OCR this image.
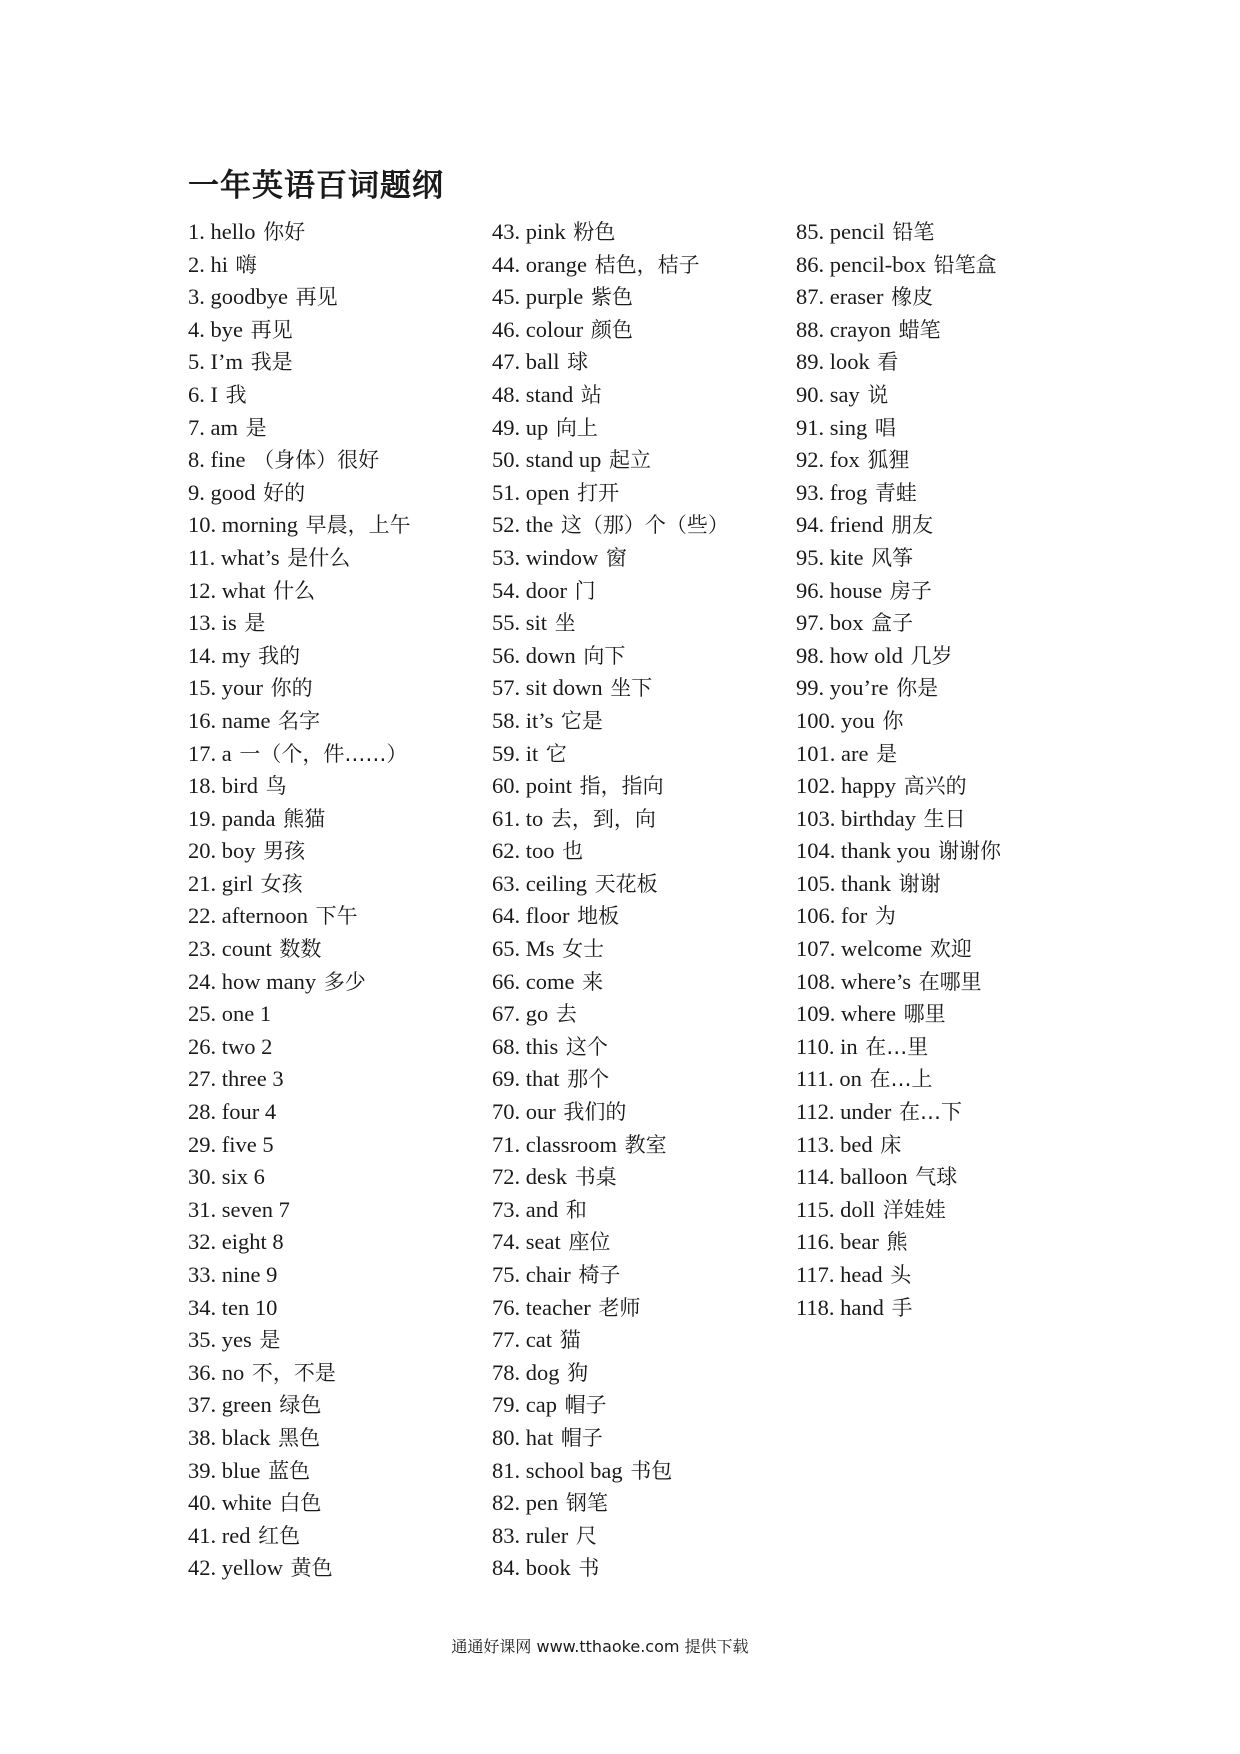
一年英语百词题纲
1. hello 你好
2. hi 嗨
3. goodbye 再见
4. bye 再见
5. I’m 我是
6. I 我
7. am 是
8. fine （身体）很好
9. good 好的
10. morning 早晨，上午
11. what’s 是什么
12. what 什么
13. is 是
14. my 我的
15. your 你的
16. name 名字
17. a 一（个，件……）
18. bird 鸟
19. panda 熊猫
20. boy 男孩
21. girl 女孩
22. afternoon 下午
23. count 数数
24. how many 多少
25. one 1
26. two 2
27. three 3
28. four 4
29. five 5
30. six 6
31. seven 7
32. eight 8
33. nine 9
34. ten 10
35. yes 是
36. no 不，不是
37. green 绿色
38. black 黑色
39. blue 蓝色
40. white 白色
41. red 红色
42. yellow 黄色
43. pink 粉色
44. orange 桔色，桔子
45. purple 紫色
46. colour 颜色
47. ball 球
48. stand 站
49. up 向上
50. stand up 起立
51. open 打开
52. the 这（那）个（些）
53. window 窗
54. door 门
55. sit 坐
56. down 向下
57. sit down 坐下
58. it’s 它是
59. it 它
60. point 指，指向
61. to 去，到，向
62. too 也
63. ceiling 天花板
64. floor 地板
65. Ms 女士
66. come 来
67. go 去
68. this 这个
69. that 那个
70. our 我们的
71. classroom 教室
72. desk 书桌
73. and 和
74. seat 座位
75. chair 椅子
76. teacher 老师
77. cat 猫
78. dog 狗
79. cap 帽子
80. hat 帽子
81. school bag 书包
82. pen 钢笔
83. ruler 尺
84. book 书
85. pencil 铅笔
86. pencil-box 铅笔盒
87. eraser 橡皮
88. crayon 蜡笔
89. look 看
90. say 说
91. sing 唱
92. fox 狐狸
93. frog 青蛙
94. friend 朋友
95. kite 风筝
96. house 房子
97. box 盒子
98. how old 几岁
99. you’re 你是
100. you 你
101. are 是
102. happy 高兴的
103. birthday 生日
104. thank you 谢谢你
105. thank 谢谢
106. for 为
107. welcome 欢迎
108. where’s 在哪里
109. where 哪里
110. in 在…里
111. on 在…上
112. under 在…下
113. bed 床
114. balloon 气球
115. doll 洋娃娃
116. bear 熊
117. head 头
118. hand 手
通通好课网 www.tthaoke.com 提供下载
